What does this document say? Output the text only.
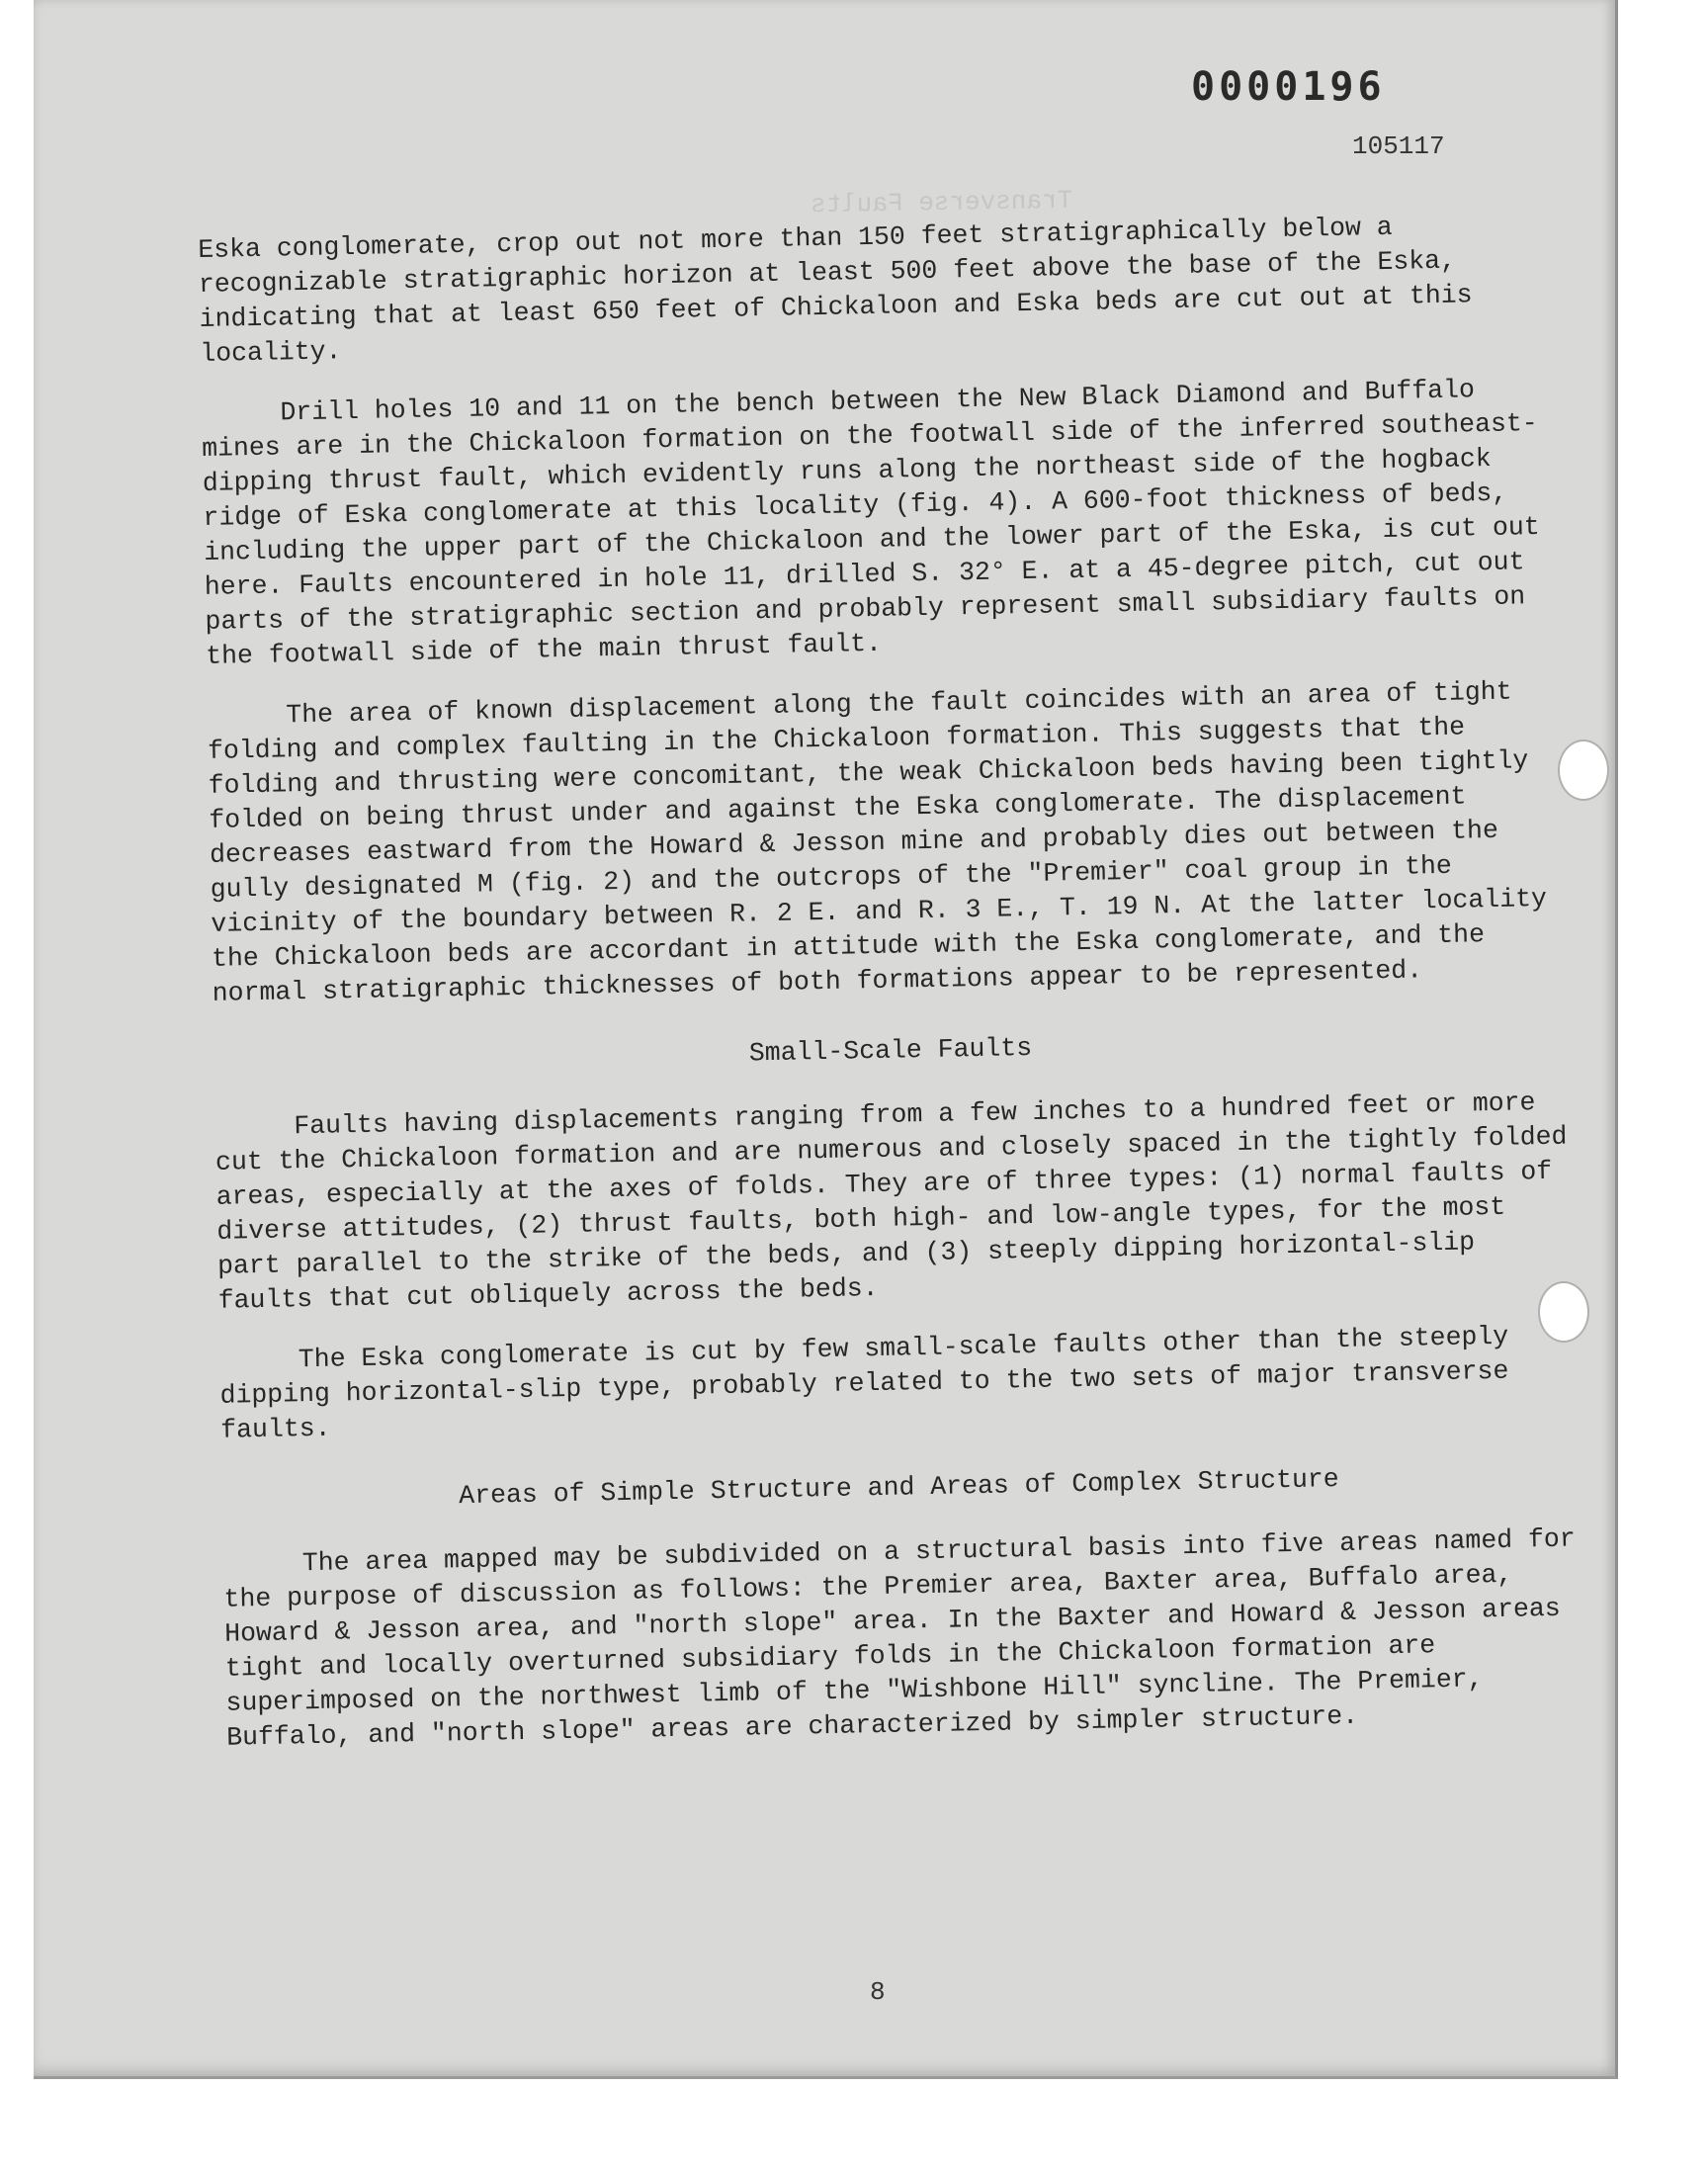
0000196
105117
Transverse Faults

Eska conglomerate, crop out not more than 150 feet stratigraphically below a recognizable stratigraphic horizon at least 500 feet above the base of the Eska, indicating that at least 650 feet of Chickaloon and Eska beds are cut out at this locality.

Drill holes 10 and 11 on the bench between the New Black Diamond and Buffalo mines are in the Chickaloon formation on the footwall side of the inferred southeast-dipping thrust fault, which evidently runs along the northeast side of the hogback ridge of Eska conglomerate at this locality (fig. 4). A 600-foot thickness of beds, including the upper part of the Chickaloon and the lower part of the Eska, is cut out here. Faults encountered in hole 11, drilled S. 32° E. at a 45-degree pitch, cut out parts of the stratigraphic section and probably represent small subsidiary faults on the footwall side of the main thrust fault.

The area of known displacement along the fault coincides with an area of tight folding and complex faulting in the Chickaloon formation. This suggests that the folding and thrusting were concomitant, the weak Chickaloon beds having been tightly folded on being thrust under and against the Eska conglomerate. The displacement decreases eastward from the Howard & Jesson mine and probably dies out between the gully designated M (fig. 2) and the outcrops of the "Premier" coal group in the vicinity of the boundary between R. 2 E. and R. 3 E., T. 19 N. At the latter locality the Chickaloon beds are accordant in attitude with the Eska conglomerate, and the normal stratigraphic thicknesses of both formations appear to be represented.

Small-Scale Faults

Faults having displacements ranging from a few inches to a hundred feet or more cut the Chickaloon formation and are numerous and closely spaced in the tightly folded areas, especially at the axes of folds. They are of three types: (1) normal faults of diverse attitudes, (2) thrust faults, both high- and low-angle types, for the most part parallel to the strike of the beds, and (3) steeply dipping horizontal-slip faults that cut obliquely across the beds.

The Eska conglomerate is cut by few small-scale faults other than the steeply dipping horizontal-slip type, probably related to the two sets of major transverse faults.

Areas of Simple Structure and Areas of Complex Structure

The area mapped may be subdivided on a structural basis into five areas named for the purpose of discussion as follows: the Premier area, Baxter area, Buffalo area, Howard & Jesson area, and "north slope" area. In the Baxter and Howard & Jesson areas tight and locally overturned subsidiary folds in the Chickaloon formation are superimposed on the northwest limb of the "Wishbone Hill" syncline. The Premier, Buffalo, and "north slope" areas are characterized by simpler structure.

8
